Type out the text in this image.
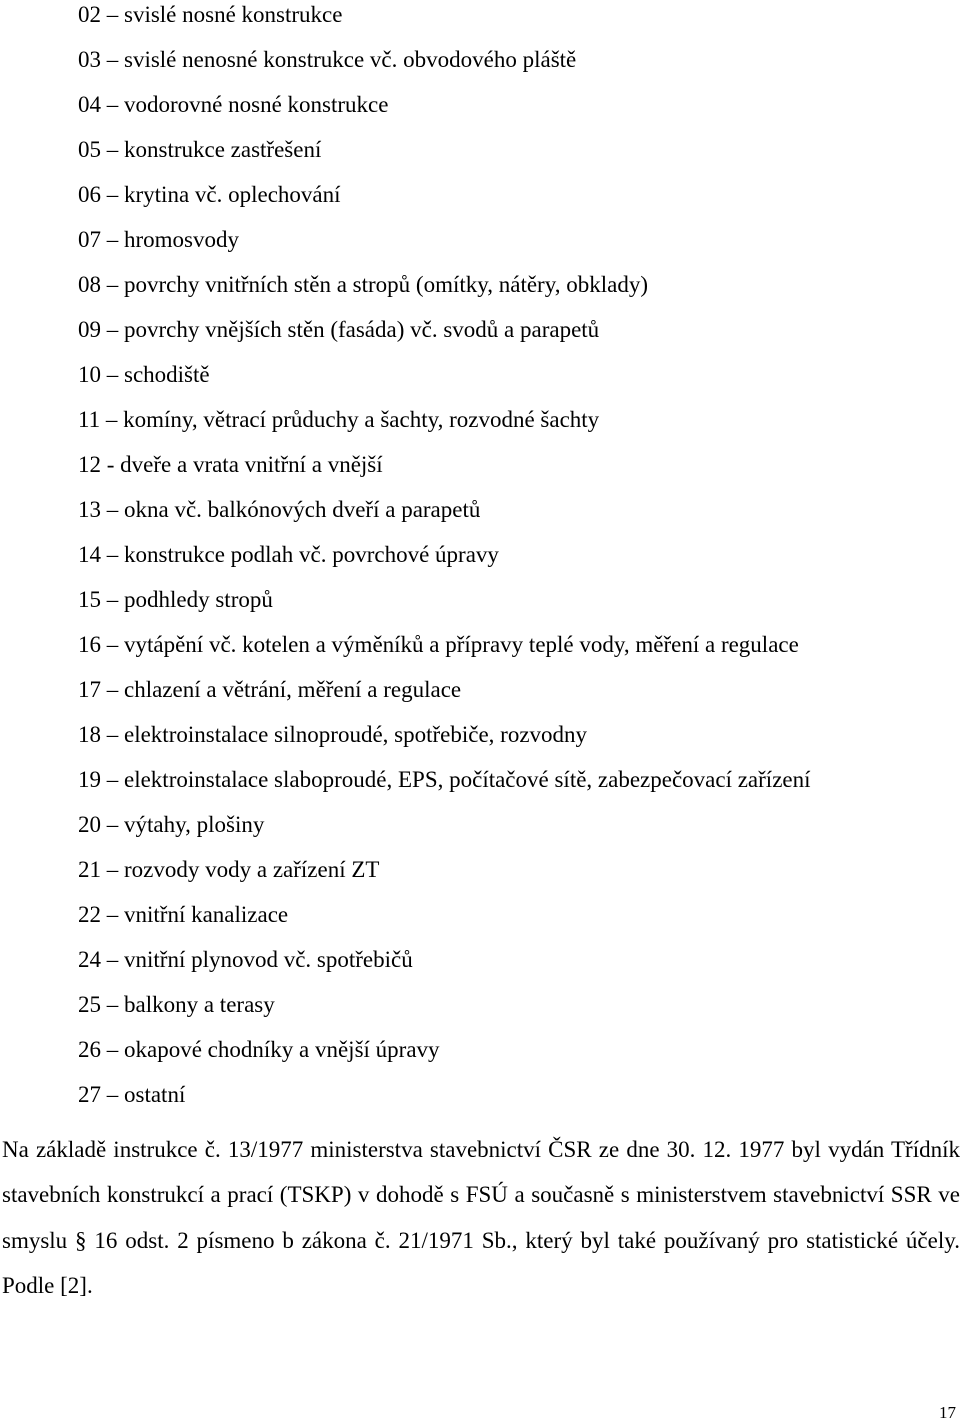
02 – svislé nosné konstrukce
03 – svislé nenosné konstrukce vč. obvodového pláště
04 – vodorovné nosné konstrukce
05 – konstrukce zastřešení
06 – krytina vč. oplechování
07 – hromosvody
08 – povrchy vnitřních stěn a stropů (omítky, nátěry, obklady)
09 – povrchy vnějších stěn (fasáda) vč. svodů a parapetů
10 – schodiště
11 – komíny, větrací průduchy a šachty, rozvodné šachty
12 - dveře a vrata vnitřní a vnější
13 – okna vč. balkónových dveří a parapetů
14 – konstrukce podlah vč. povrchové úpravy
15 – podhledy stropů
16 – vytápění vč. kotelen a výměníků a přípravy teplé vody, měření a regulace
17 – chlazení a větrání, měření a regulace
18 – elektroinstalace silnoproudé, spotřebiče, rozvodny
19 – elektroinstalace slaboproudé, EPS, počítačové sítě, zabezpečovací zařízení
20 – výtahy, plošiny
21 – rozvody vody a zařízení ZT
22 – vnitřní kanalizace
24 – vnitřní plynovod vč. spotřebičů
25 – balkony a terasy
26 – okapové chodníky a vnější úpravy
27 – ostatní

Na základě instrukce č. 13/1977 ministerstva stavebnictví ČSR ze dne 30. 12. 1977 byl vydán Třídník stavebních konstrukcí a prací (TSKP) v dohodě s FSÚ a současně s ministerstvem stavebnictví SSR ve smyslu § 16 odst. 2 písmeno b zákona č. 21/1971 Sb., který byl také používaný pro statistické účely. Podle [2].

17
